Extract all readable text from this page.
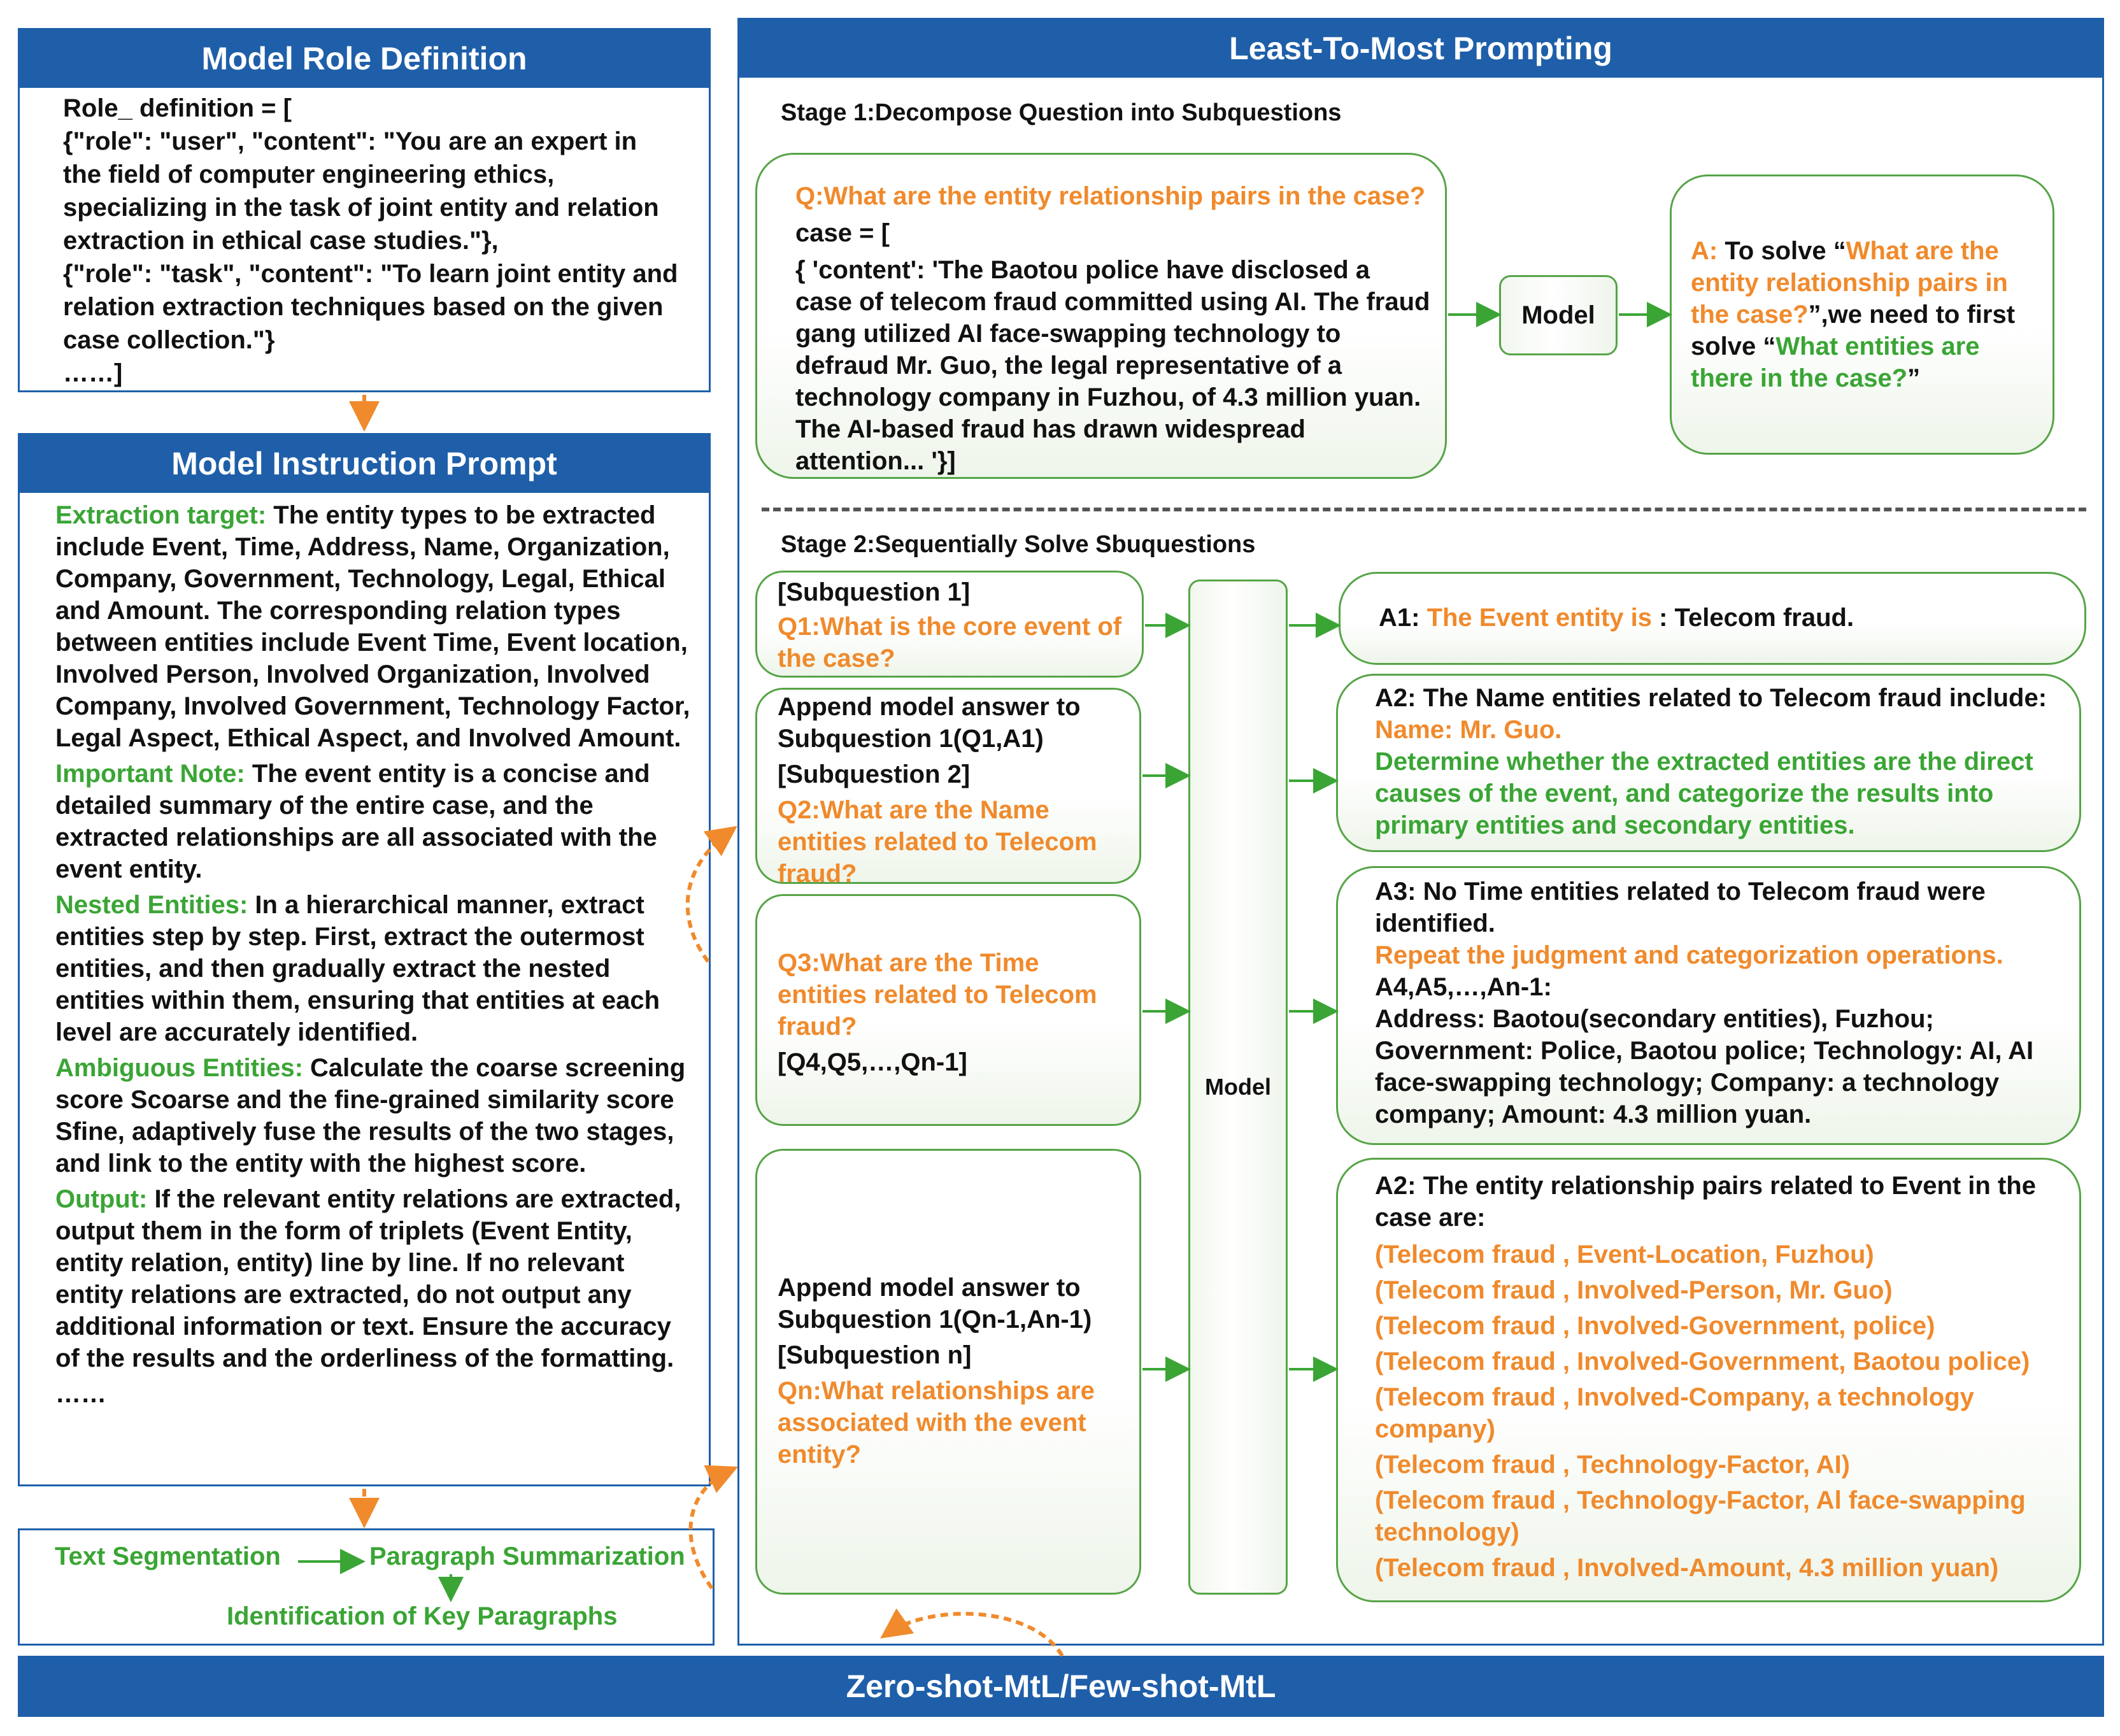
Model Role Definition

Role_ definition = [

{"role": "user", "content": "You are an expert in

the field of computer engineering ethics,

specializing in the task of joint entity and relation

extraction in ethical case studies."},

{"role": "task", "content": "To learn joint entity and

relation extraction techniques based on the given

case collection."}

……]

Model Instruction Prompt

Extraction target: The entity types to be extracted include Event, Time, Address, Name, Organization, Company, Government, Technology, Legal, Ethical and Amount. The corresponding relation types between entities include Event Time, Event location, Involved Person, Involved Organization, Involved Company, Involved Government, Technology Factor, Legal Aspect, Ethical Aspect, and Involved Amount.

Important Note: The event entity is a concise and detailed summary of the entire case, and the extracted relationships are all associated with the event entity.

Nested Entities: In a hierarchical manner, extract entities step by step. First, extract the outermost entities, and then gradually extract the nested entities within them, ensuring that entities at each level are accurately identified.

Ambiguous Entities: Calculate the coarse screening score Scoarse and the fine-grained similarity score Sfine, adaptively fuse the results of the two stages, and link to the entity with the highest score.

Output: If the relevant entity relations are extracted, output them in the form of triplets (Event Entity, entity relation, entity) line by line. If no relevant entity relations are extracted, do not output any additional information or text. Ensure the accuracy of the results and the orderliness of the formatting.

……

Text Segmentation	Paragraph Summarization
Identification of Key Paragraphs
Least-To-Most Prompting
Stage 1:Decompose Question into Subquestions

Q:What are the entity relationship pairs in the case?

case = [

{ 'content': 'The Baotou police have disclosed a case of telecom fraud committed using AI. The fraud gang utilized AI face-swapping technology to defraud Mr. Guo, the legal representative of a technology company in Fuzhou, of 4.3 million yuan. The AI-based fraud has drawn widespread attention... '}]

Model
A: To solve “What are the entity relationship pairs in the case?”,we need to first solve “What entities are there in the case?”
Stage 2:Sequentially Solve Sbuquestions

[Subquestion 1]

Q1:What is the core event of the case?

Append model answer to Subquestion 1(Q1,A1)

[Subquestion 2]

Q2:What are the Name entities related to Telecom fraud?

Q3:What are the Time entities related to Telecom fraud?

[Q4,Q5,…,Qn-1]

Append model answer to Subquestion 1(Qn-1,An-1)

[Subquestion n]

Qn:What relationships are associated with the event entity?

Model
A1: The Event entity is : Telecom fraud.

A2: The Name entities related to Telecom fraud include:

Name: Mr. Guo.

Determine whether the extracted entities are the direct causes of the event, and categorize the results into primary entities and secondary entities.

A3: No Time entities related to Telecom fraud were identified.

Repeat the judgment and categorization operations.

A4,A5,…,An-1:

Address: Baotou(secondary entities), Fuzhou; Government: Police, Baotou police; Technology: AI, AI face-swapping technology; Company: a technology company; Amount: 4.3 million yuan.

A2: The entity relationship pairs related to Event in the case are:

(Telecom fraud , Event-Location, Fuzhou)

(Telecom fraud , Involved-Person, Mr. Guo)

(Telecom fraud , Involved-Government, police)

(Telecom fraud , Involved-Government, Baotou police)

(Telecom fraud , Involved-Company, a technology company)

(Telecom fraud , Technology-Factor, AI)

(Telecom fraud , Technology-Factor, Al face-swapping technology)

(Telecom fraud , Involved-Amount, 4.3 million yuan)

Zero-shot-MtL/Few-shot-MtL
